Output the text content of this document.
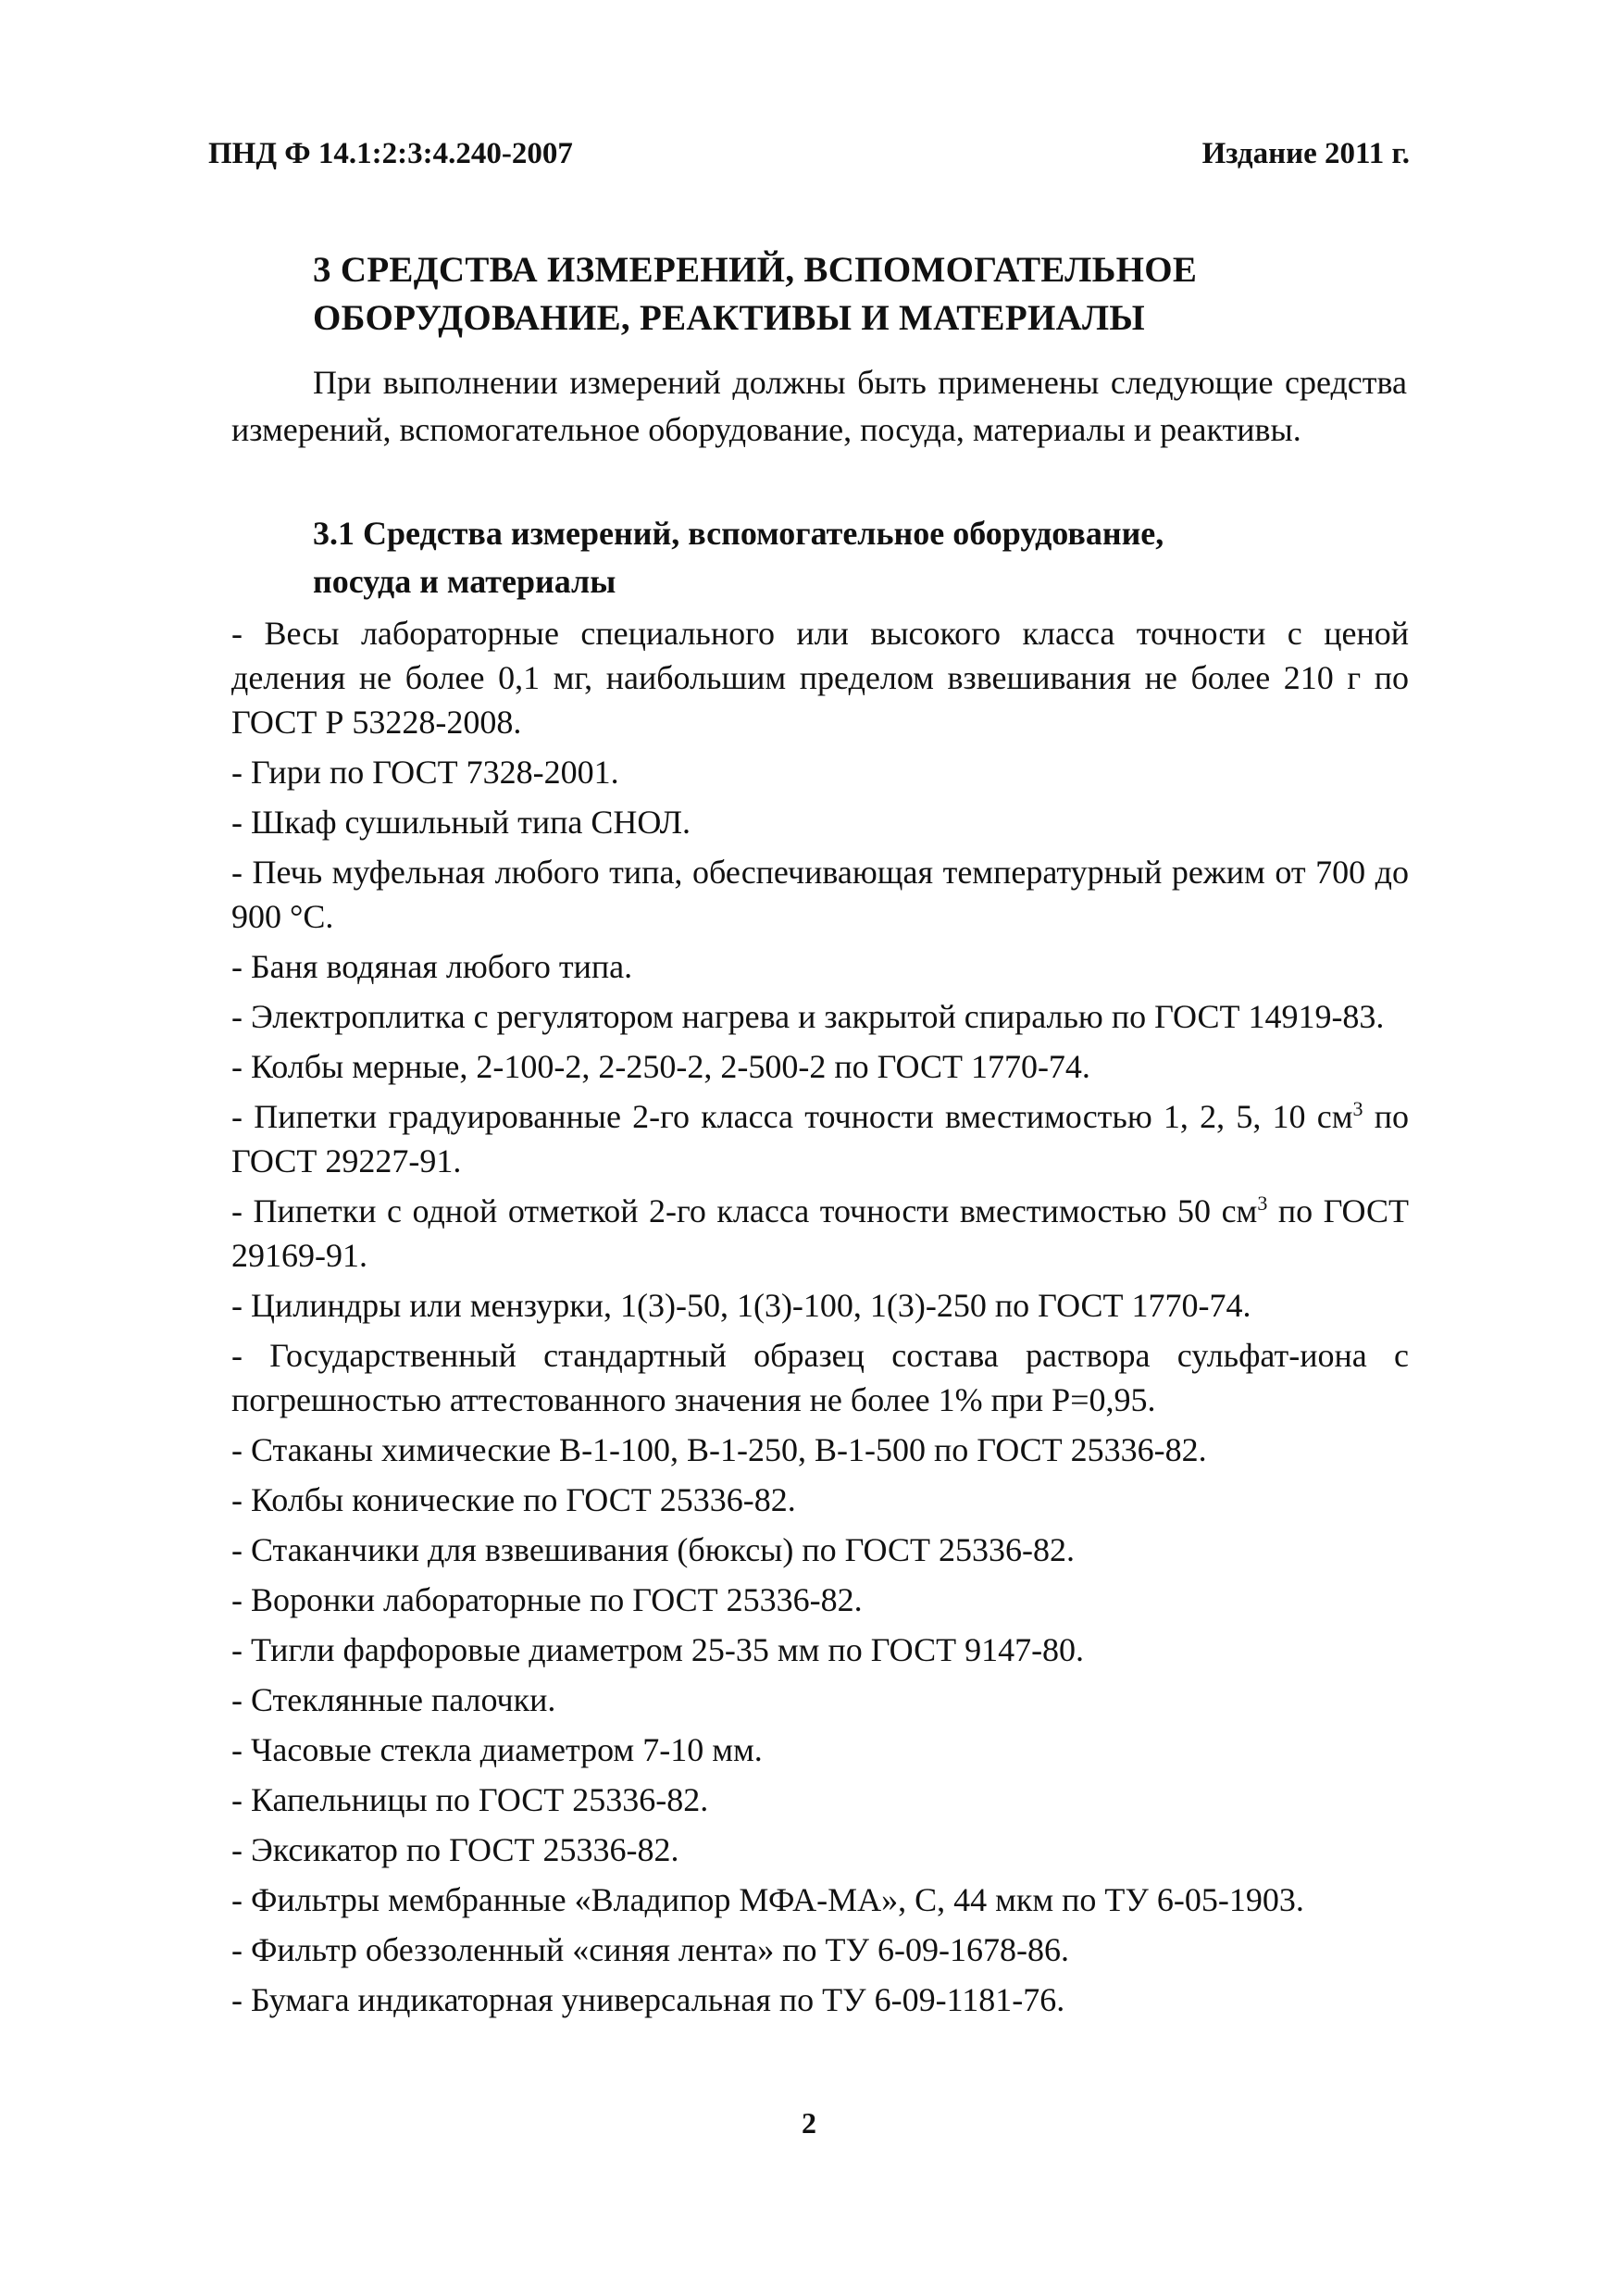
ПНД Ф 14.1:2:3:4.240-2007	Издание 2011 г.
3 СРЕДСТВА ИЗМЕРЕНИЙ, ВСПОМОГАТЕЛЬНОЕ
ОБОРУДОВАНИЕ, РЕАКТИВЫ И МАТЕРИАЛЫ
При выполнении измерений должны быть применены следующие средства измерений, вспомогательное оборудование, посуда, материалы и реактивы.
3.1 Средства измерений, вспомогательное оборудование,
посуда и материалы
- Весы лабораторные специального или высокого класса точности с ценой деления не более 0,1 мг, наибольшим пределом взвешивания не более 210 г по ГОСТ Р 53228-2008.
- Гири по ГОСТ 7328-2001.
- Шкаф сушильный типа СНОЛ.
- Печь муфельная любого типа, обеспечивающая температурный режим от 700 до 900 °С.
- Баня водяная любого типа.
- Электроплитка с регулятором нагрева и закрытой спиралью по ГОСТ 14919-83.
- Колбы мерные, 2-100-2, 2-250-2, 2-500-2 по ГОСТ 1770-74.
- Пипетки градуированные 2-го класса точности вместимостью 1, 2, 5, 10 $см^3$ по ГОСТ 29227-91.
- Пипетки с одной отметкой 2-го класса точности вместимостью 50 $см^3$ по ГОСТ 29169-91.
- Цилиндры или мензурки, 1(3)-50, 1(3)-100, 1(3)-250 по ГОСТ 1770-74.
- Государственный стандартный образец состава раствора сульфат-иона с погрешностью аттестованного значения не более 1% при Р=0,95.
- Стаканы химические В-1-100, В-1-250, В-1-500 по ГОСТ 25336-82.
- Колбы конические по ГОСТ 25336-82.
- Стаканчики для взвешивания (бюксы) по ГОСТ 25336-82.
- Воронки лабораторные по ГОСТ 25336-82.
- Тигли фарфоровые диаметром 25-35 мм по ГОСТ 9147-80.
- Стеклянные палочки.
- Часовые стекла диаметром 7-10 мм.
- Капельницы по ГОСТ 25336-82.
- Эксикатор по ГОСТ 25336-82.
- Фильтры мембранные «Владипор МФА-МА», С, 44 мкм по ТУ 6-05-1903.
- Фильтр обеззоленный «синяя лента» по ТУ 6-09-1678-86.
- Бумага индикаторная универсальная по ТУ 6-09-1181-76.
2
